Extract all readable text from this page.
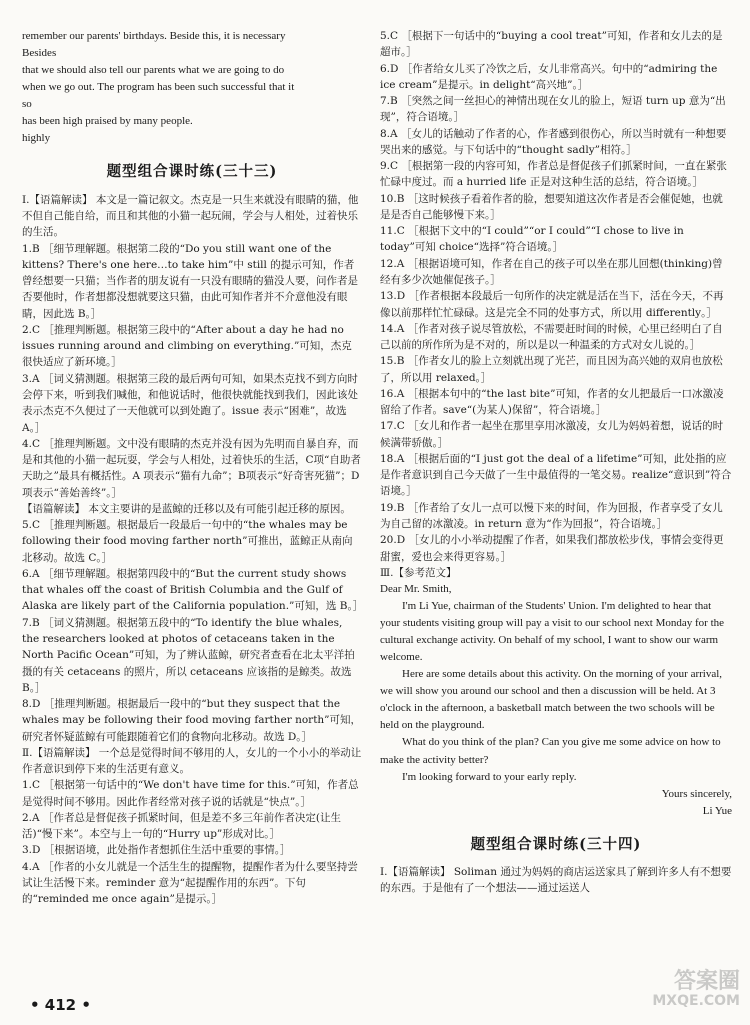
remember our parents' birthdays. Beside this, it is necessary
Besides
that we should also tell our parents what we are going to do
when we go out. The program has been such successful that it
so
has been high praised by many people.
highly

题型组合课时练(三十三)

Ⅰ.【语篇解读】 本文是一篇记叙文。杰克是一只生来就没有眼睛的猫，他不但自己能自给，而且和其他的小猫一起玩闹，学会与人相处，过着快乐的生活。

1.B ［细节理解题。根据第二段的“Do you still want one of the kittens? There's one here…to take him”中 still 的提示可知，作者曾经想要一只猫；当作者的朋友说有一只没有眼睛的猫没人要，问作者是否要他时，作者想都没想就要这只猫，由此可知作者并不介意他没有眼睛，因此选 B。］

2.C ［推理判断题。根据第三段中的“After about a day he had no issues running around and climbing on everything.”可知，杰克很快适应了新环境。］

3.A ［词义猜测题。根据第三段的最后两句可知，如果杰克找不到方向时会停下来，听到我们喊他，和他说话时，他很快就能找到我们，因此该处表示杰克不久便过了一天他就可以到处跑了。issue 表示“困难”，故选 A。］

4.C ［推理判断题。文中没有眼睛的杰克并没有因为先明而自暴自弃，而是和其他的小猫一起玩耍，学会与人相处，过着快乐的生活，C项“自助者天助之”最具有概括性。A 项表示“猫有九命”；B项表示“好奇害死猫”；D项表示“善始善终”。］

【语篇解读】 本文主要讲的是蓝鲸的迁移以及有可能引起迁移的原因。

5.C ［推理判断题。根据最后一段最后一句中的“the whales may be following their food moving farther north”可推出，蓝鲸正从南向北移动。故选 C。］

6.A ［细节理解题。根据第四段中的“But the current study shows that whales off the coast of British Columbia and the Gulf of Alaska are likely part of the California population.”可知，选 B。］

7.B ［词义猜测题。根据第五段中的“To identify the blue whales, the researchers looked at photos of cetaceans taken in the North Pacific Ocean”可知，为了辨认蓝鲸，研究者查看在北太平洋拍摄的有关 cetaceans 的照片，所以 cetaceans 应该指的是鲸类。故选 B。］

8.D ［推理判断题。根据最后一段中的“but they suspect that the whales may be following their food moving farther north”可知，研究者怀疑蓝鲸有可能跟随着它们的食物向北移动。故选 D。］

Ⅱ.【语篇解读】 一个总是觉得时间不够用的人，女儿的一个小小的举动让作者意识到停下来的生活更有意义。

1.C ［根据第一句话中的“We don't have time for this.”可知，作者总是觉得时间不够用。因此作者经常对孩子说的话就是“快点”。］

2.A ［作者总是督促孩子抓紧时间，但是差不多三年前作者决定(让生活)“慢下来”。本空与上一句的“Hurry up”形成对比。］

3.D ［根据语境，此处指作者想抓住生活中重要的事情。］

4.A ［作者的小女儿就是一个活生生的提醒物，提醒作者为什么要坚持尝试让生活慢下来。reminder 意为“起提醒作用的东西”。下句的“reminded me once again”是提示。］

5.C ［根据下一句话中的“buying a cool treat”可知，作者和女儿去的是超市。］

6.D ［作者给女儿买了冷饮之后，女儿非常高兴。句中的“admiring the ice cream”是提示。in delight“高兴地”。］

7.B ［突然之间一丝担心的神情出现在女儿的脸上，短语 turn up 意为“出现”，符合语境。］

8.A ［女儿的话触动了作者的心，作者感到很伤心，所以当时就有一种想要哭出来的感觉。与下句话中的“thought sadly”相符。］

9.C ［根据第一段的内容可知，作者总是督促孩子们抓紧时间，一直在紧张忙碌中度过。而 a hurried life 正是对这种生活的总结，符合语境。］

10.B ［这时候孩子看着作者的脸，想要知道这次作者是否会催促她，也就是是否自己能够慢下来。］

11.C ［根据下文中的“I could”“or I could”“I chose to live in today”可知 choice“选择”符合语境。］

12.A ［根据语境可知，作者在自己的孩子可以坐在那儿回想(thinking)曾经有多少次她催促孩子。］

13.D ［作者根据本段最后一句所作的决定就是活在当下，活在今天，不再像以前那样忙忙碌碌。这是完全不同的处事方式，所以用 differently。］

14.A ［作者对孩子说尽管放松，不需要赶时间的时候，心里已经明白了自己以前的所作所为是不对的，所以是以一种温柔的方式对女儿说的。］

15.B ［作者女儿的脸上立刻就出现了光芒，而且因为高兴她的双肩也放松了，所以用 relaxed。］

16.A ［根据本句中的“the last bite”可知，作者的女儿把最后一口冰激凌留给了作者。save“(为某人)保留”，符合语境。］

17.C ［女儿和作者一起坐在那里享用冰激凌，女儿为妈妈着想，说话的时候满带骄傲。］

18.A ［根据后面的“I just got the deal of a lifetime”可知，此处指的应是作者意识到自己今天做了一生中最值得的一笔交易。realize“意识到”符合语境。］

19.B ［作者给了女儿一点可以慢下来的时间，作为回报，作者享受了女儿为自己留的冰激凌。in return 意为“作为回报”，符合语境。］

20.D ［女儿的小小举动提醒了作者，如果我们都放松步伐，事情会变得更甜蜜，爱也会来得更容易。］

Ⅲ.【参考范文】

Dear Mr. Smith,

I'm Li Yue, chairman of the Students' Union. I'm delighted to hear that your students visiting group will pay a visit to our school next Monday for the cultural exchange activity. On behalf of my school, I want to show our warm welcome.

Here are some details about this activity. On the morning of your arrival, we will show you around our school and then a discussion will be held. At 3 o'clock in the afternoon, a basketball match between the two schools will be held on the playground.

What do you think of the plan? Can you give me some advice on how to make the activity better?

I'm looking forward to your early reply.

Yours sincerely,

Li Yue

题型组合课时练(三十四)

Ⅰ.【语篇解读】 Soliman 通过为妈妈的商店运送家具了解到许多人有不想要的东西。于是他有了一个想法——通过运送人

• 412 •
答案圈
MXQE.COM
